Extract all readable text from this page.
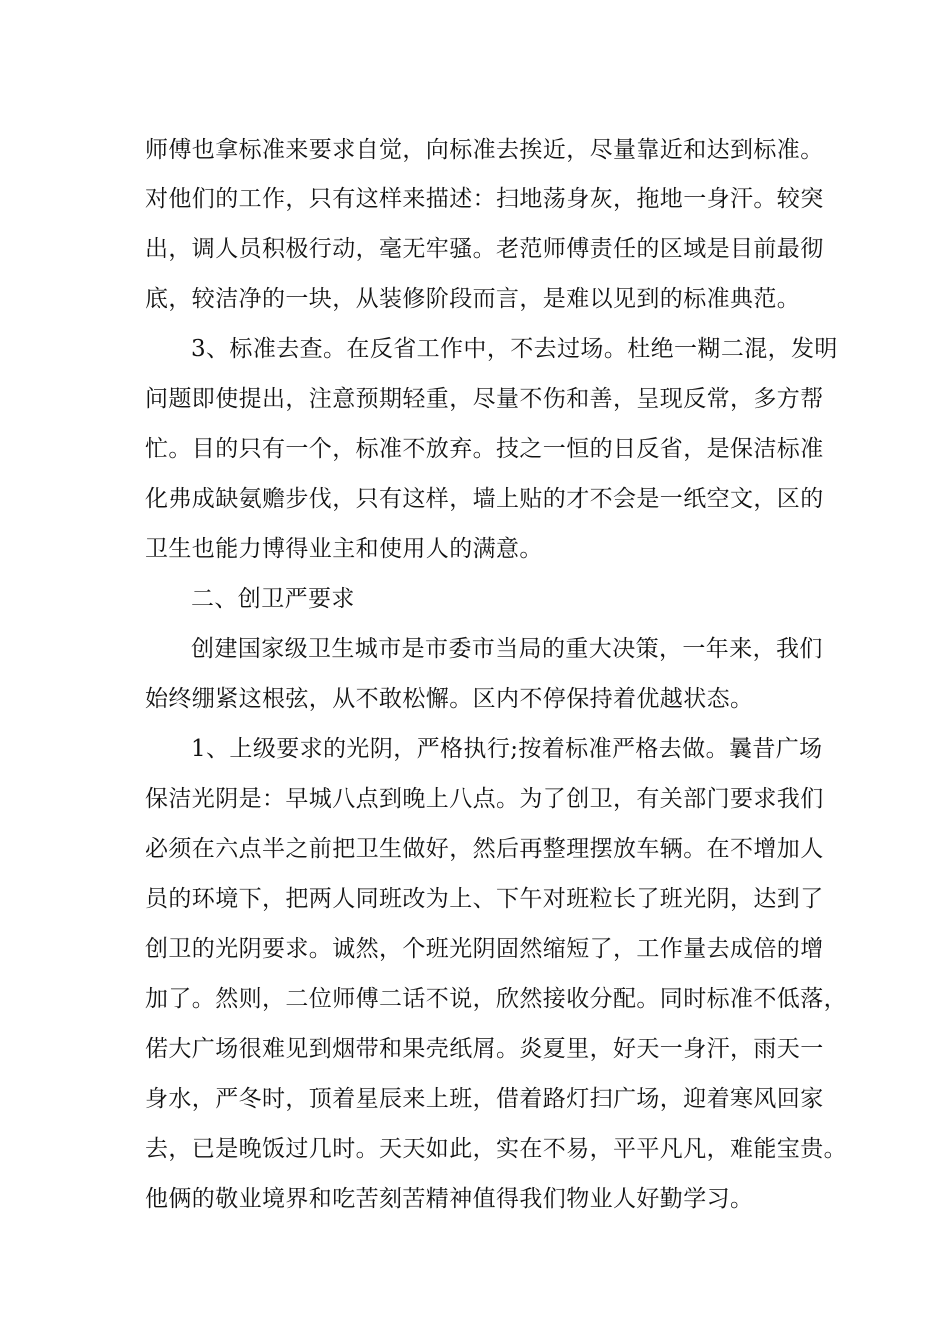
师傅也拿标准来要求自觉，向标准去挨近，尽量靠近和达到标准。
对他们的工作，只有这样来描述：扫地荡身灰，拖地一身汗。较突
出，调人员积极行动，毫无牢骚。老范师傅责任的区域是目前最彻
底，较洁净的一块，从装修阶段而言，是难以见到的标准典范。
3、标准去查。在反省工作中，不去过场。杜绝一糊二混，发明
问题即使提出，注意预期轻重，尽量不伤和善，呈现反常，多方帮
忙。目的只有一个，标准不放弃。技之一恒的日反省，是保洁标准
化弗成缺氨赡步伐，只有这样，墙上贴的才不会是一纸空文，区的
卫生也能力博得业主和使用人的满意。
二、创卫严要求
创建国家级卫生城市是市委市当局的重大决策，一年来，我们
始终绷紧这根弦，从不敢松懈。区内不停保持着优越状态。
1、上级要求的光阴，严格执行;按着标准严格去做。曩昔广场
保洁光阴是：早城八点到晚上八点。为了创卫，有关部门要求我们
必须在六点半之前把卫生做好，然后再整理摆放车辆。在不增加人
员的环境下，把两人同班改为上、下午对班粒长了班光阴，达到了
创卫的光阴要求。诚然，个班光阴固然缩短了，工作量去成倍的增
加了。然则，二位师傅二话不说，欣然接收分配。同时标准不低落，
偌大广场很难见到烟带和果壳纸屑。炎夏里，好天一身汗，雨天一
身水，严冬时，顶着星辰来上班，借着路灯扫广场，迎着寒风回家
去，已是晚饭过几时。天天如此，实在不易，平平凡凡，难能宝贵。
他俩的敬业境界和吃苦刻苦精神值得我们物业人好勤学习。
